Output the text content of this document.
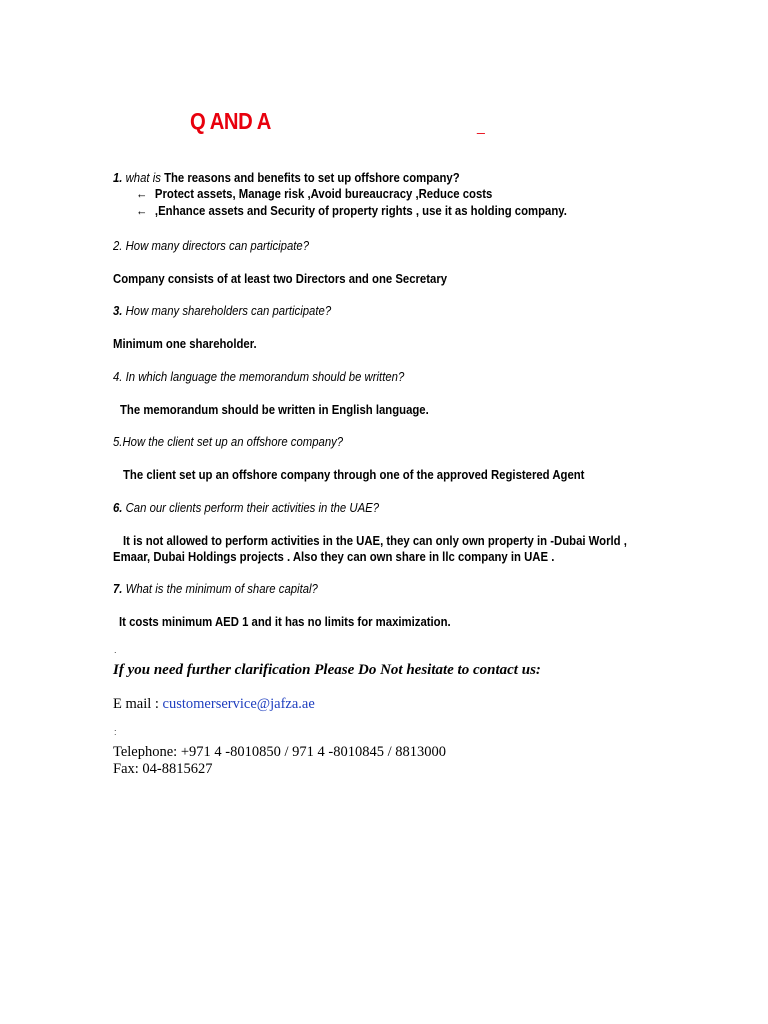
Q AND A	_
1. what is The reasons and benefits to set up offshore company?
← Protect assets, Manage risk ,Avoid bureaucracy ,Reduce costs
← ,Enhance assets and Security of property rights , use it as holding company.
2. How many directors can participate?
Company consists of at least two Directors and one Secretary
3. How many shareholders can participate?
Minimum one shareholder.
4. In which language the memorandum should be written?
The memorandum should be written in English language.
5.How the client set up an offshore company?
The client set up an offshore company through one of the approved Registered Agent
6. Can our clients perform their activities in the UAE?
It is not allowed to perform activities in the UAE, they can only own property in -Dubai World ,
Emaar, Dubai Holdings projects . Also they can own share in llc company in UAE .
7. What is the minimum of share capital?
It costs minimum AED 1 and it has no limits for maximization.
.
If you need further clarification Please Do Not hesitate to contact us:
E mail : customerservice@jafza.ae
:
Telephone: +971 4 -8010850 / 971 4 -8010845 / 8813000
Fax: 04-8815627
